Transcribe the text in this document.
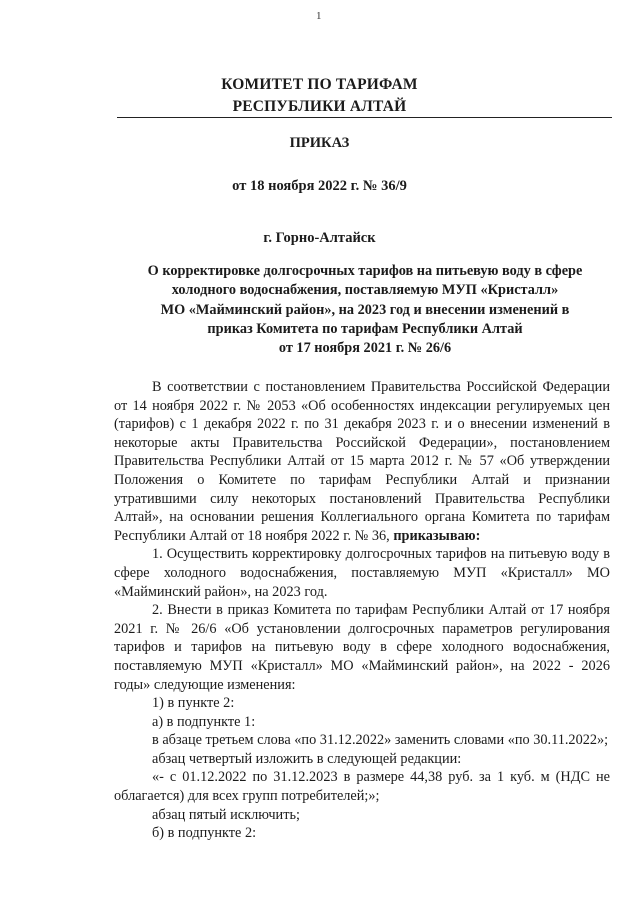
1
КОМИТЕТ ПО ТАРИФАМ
РЕСПУБЛИКИ АЛТАЙ
ПРИКАЗ
от 18 ноября 2022 г. № 36/9
г. Горно-Алтайск
О корректировке долгосрочных тарифов на питьевую воду в сфере
холодного водоснабжения, поставляемую МУП «Кристалл»
МО «Майминский район», на 2023 год и внесении изменений в
приказ Комитета по тарифам Республики Алтай
от 17 ноября 2021 г. № 26/6

В соответствии с постановлением Правительства Российской Федерации от 14 ноября 2022 г. № 2053 «Об особенностях индексации регулируемых цен (тарифов) с 1 декабря 2022 г. по 31 декабря 2023 г. и о внесении изменений в некоторые акты Правительства Российской Федерации», постановлением Правительства Республики Алтай от 15 марта 2012 г. № 57 «Об утверждении Положения о Комитете по тарифам Республики Алтай и признании утратившими силу некоторых постановлений Правительства Республики Алтай», на основании решения Коллегиального органа Комитета по тарифам Республики Алтай от 18 ноября 2022 г. № 36, приказываю:

1. Осуществить корректировку долгосрочных тарифов на питьевую воду в сфере холодного водоснабжения, поставляемую МУП «Кристалл» МО «Майминский район», на 2023 год.

2. Внести в приказ Комитета по тарифам Республики Алтай от 17 ноября 2021 г. № 26/6 «Об установлении долгосрочных параметров регулирования тарифов и тарифов на питьевую воду в сфере холодного водоснабжения, поставляемую МУП «Кристалл» МО «Майминский район», на 2022 - 2026 годы» следующие изменения:

1) в пункте 2:

а) в подпункте 1:

в абзаце третьем слова «по 31.12.2022» заменить словами «по 30.11.2022»;

абзац четвертый изложить в следующей редакции:

«- с 01.12.2022 по 31.12.2023 в размере 44,38 руб. за 1 куб. м (НДС не облагается) для всех групп потребителей;»;

абзац пятый исключить;

б) в подпункте 2:
